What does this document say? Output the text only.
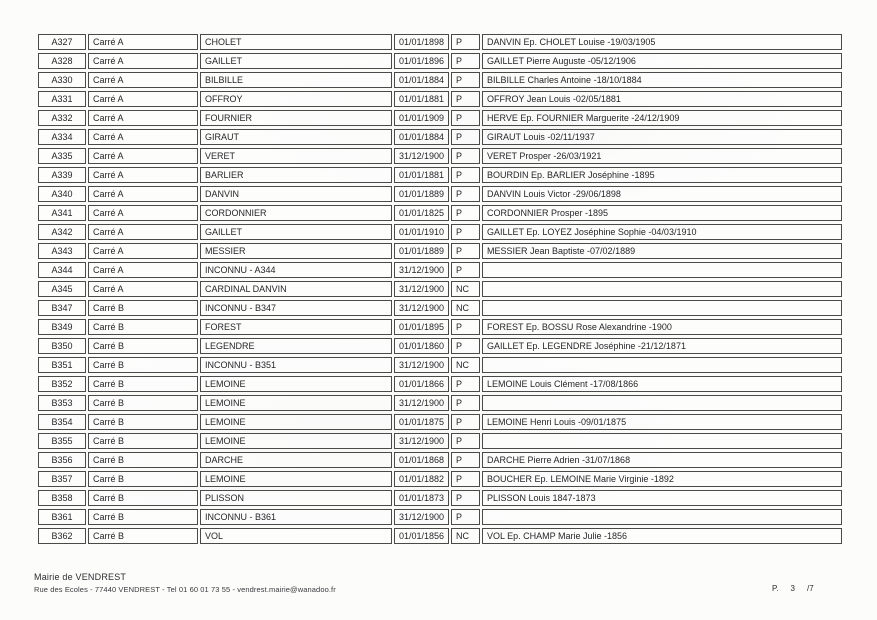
A327	Carré A	CHOLET	01/01/1898	P	DANVIN Ep. CHOLET Louise -19/03/1905
A328	Carré A	GAILLET	01/01/1896	P	GAILLET Pierre Auguste -05/12/1906
A330	Carré A	BILBILLE	01/01/1884	P	BILBILLE Charles Antoine -18/10/1884
A331	Carré A	OFFROY	01/01/1881	P	OFFROY Jean Louis -02/05/1881
A332	Carré A	FOURNIER	01/01/1909	P	HERVE Ep. FOURNIER Marguerite -24/12/1909
A334	Carré A	GIRAUT	01/01/1884	P	GIRAUT Louis -02/11/1937
A335	Carré A	VERET	31/12/1900	P	VERET Prosper -26/03/1921
A339	Carré A	BARLIER	01/01/1881	P	BOURDIN Ep. BARLIER Joséphine -1895
A340	Carré A	DANVIN	01/01/1889	P	DANVIN Louis Victor -29/06/1898
A341	Carré A	CORDONNIER	01/01/1825	P	CORDONNIER Prosper -1895
A342	Carré A	GAILLET	01/01/1910	P	GAILLET Ep. LOYEZ Joséphine Sophie -04/03/1910
A343	Carré A	MESSIER	01/01/1889	P	MESSIER Jean Baptiste -07/02/1889
A344	Carré A	INCONNU - A344	31/12/1900	P	
A345	Carré A	CARDINAL DANVIN	31/12/1900	NC	
B347	Carré B	INCONNU - B347	31/12/1900	NC	
B349	Carré B	FOREST	01/01/1895	P	FOREST Ep. BOSSU Rose Alexandrine -1900
B350	Carré B	LEGENDRE	01/01/1860	P	GAILLET Ep. LEGENDRE Joséphine -21/12/1871
B351	Carré B	INCONNU - B351	31/12/1900	NC	
B352	Carré B	LEMOINE	01/01/1866	P	LEMOINE Louis Clément -17/08/1866
B353	Carré B	LEMOINE	31/12/1900	P	
B354	Carré B	LEMOINE	01/01/1875	P	LEMOINE Henri Louis -09/01/1875
B355	Carré B	LEMOINE	31/12/1900	P	
B356	Carré B	DARCHE	01/01/1868	P	DARCHE Pierre Adrien -31/07/1868
B357	Carré B	LEMOINE	01/01/1882	P	BOUCHER Ep. LEMOINE Marie Virginie -1892
B358	Carré B	PLISSON	01/01/1873	P	PLISSON Louis 1847-1873
B361	Carré B	INCONNU - B361	31/12/1900	P	
B362	Carré B	VOL	01/01/1856	NC	VOL Ep. CHAMP Marie Julie -1856
Mairie de VENDREST
Rue des Ecoles - 77440 VENDREST - Tel 01 60 01 73 55 - vendrest.mairie@wanadoo.fr	P. 3 /7
